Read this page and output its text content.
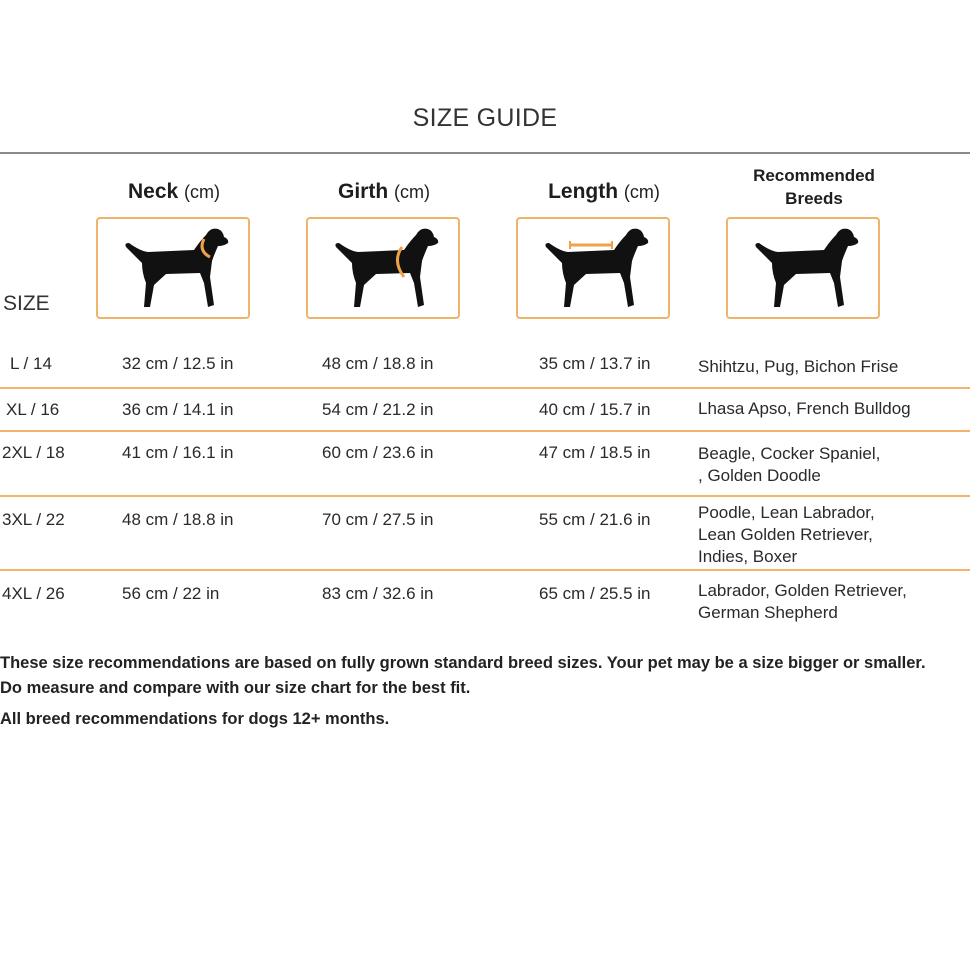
SIZE GUIDE
Neck (cm)	Girth (cm)	Length (cm)
Recommended
Breeds
SIZE
L / 14	32 cm / 12.5 in	48 cm / 18.8 in	35 cm / 13.7 in	Shihtzu, Pug, Bichon Frise
XL / 16	36 cm / 14.1 in	54 cm / 21.2 in	40 cm / 15.7 in	Lhasa Apso, French Bulldog
2XL / 18	41 cm / 16.1 in	60 cm / 23.6 in	47 cm / 18.5 in	Beagle, Cocker Spaniel,
, Golden Doodle
3XL / 22	48 cm / 18.8 in	70 cm / 27.5 in	55 cm / 21.6 in	Poodle, Lean Labrador,
Lean Golden Retriever,
Indies, Boxer
4XL / 26	56 cm / 22 in	83 cm / 32.6 in	65 cm / 25.5 in	Labrador, Golden Retriever,
German Shepherd
These size recommendations are based on fully grown standard breed sizes. Your pet may be a size bigger or smaller.
Do measure and compare with our size chart for the best fit.
All breed recommendations for dogs 12+ months.
